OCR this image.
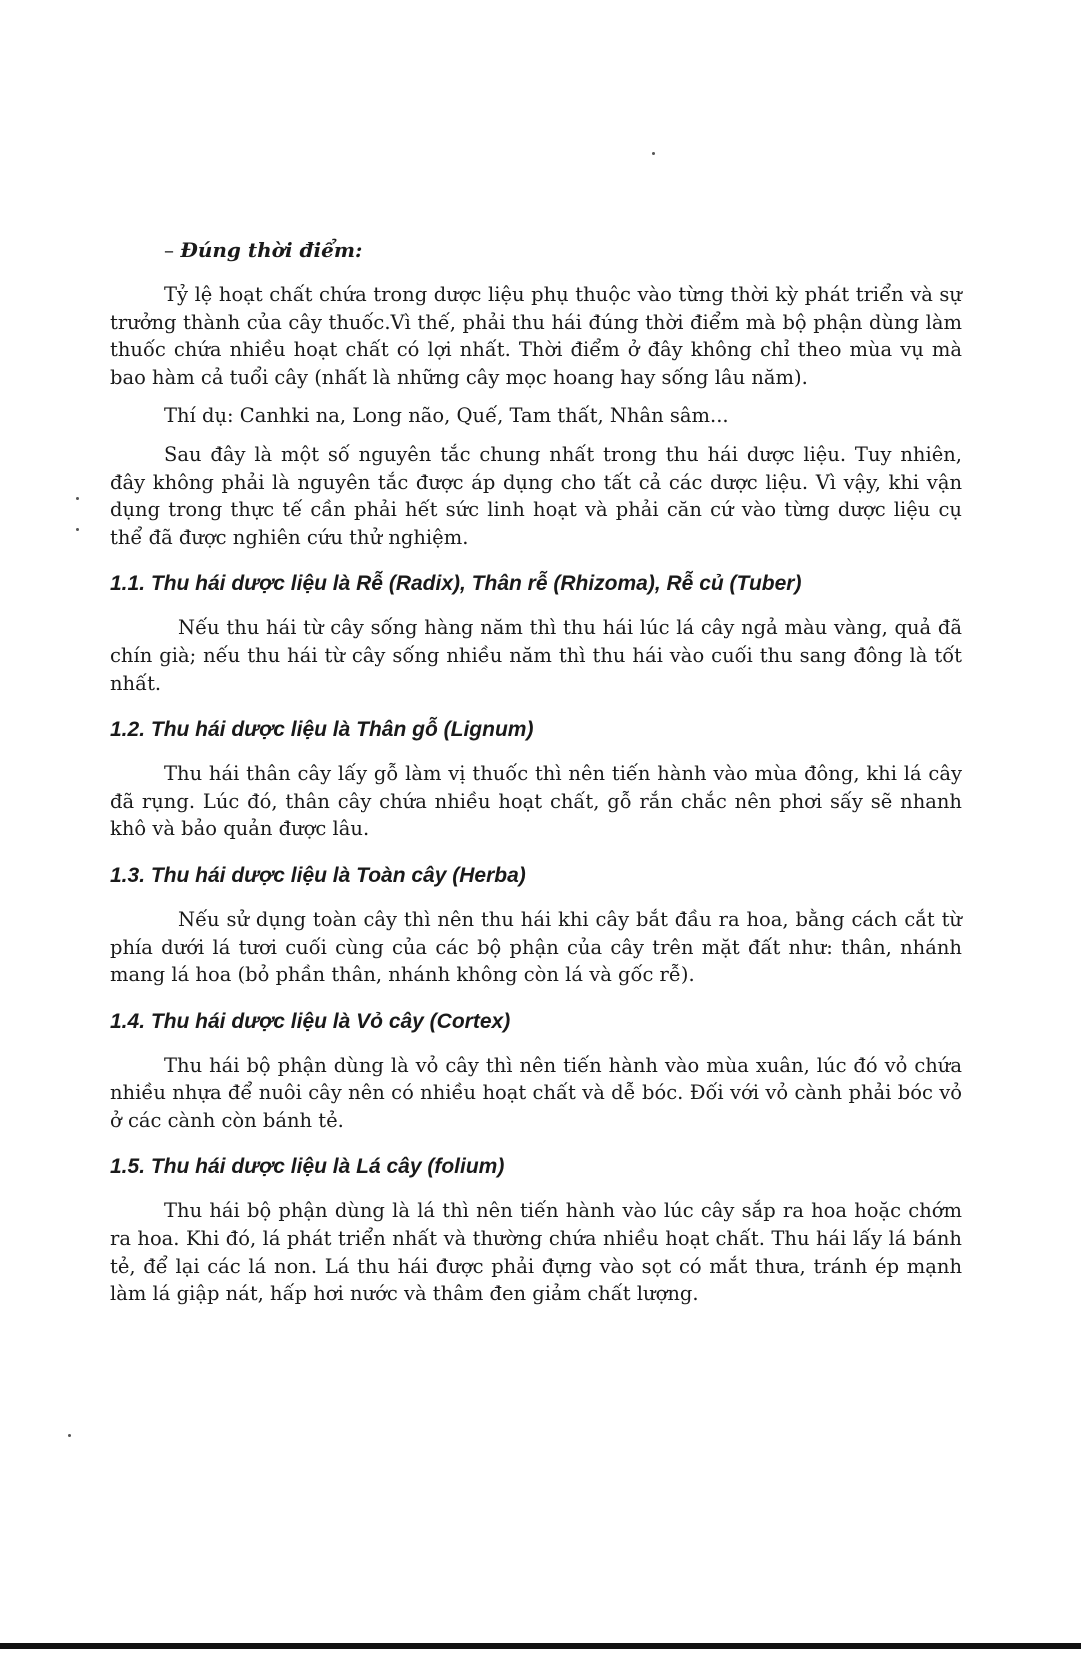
– Đúng thời điểm:

Tỷ lệ hoạt chất chứa trong dược liệu phụ thuộc vào từng thời kỳ phát triển và sự trưởng thành của cây thuốc.Vì thế, phải thu hái đúng thời điểm mà bộ phận dùng làm thuốc chứa nhiều hoạt chất có lợi nhất. Thời điểm ở đây không chỉ theo mùa vụ mà bao hàm cả tuổi cây (nhất là những cây mọc hoang hay sống lâu năm).

Thí dụ: Canhki na, Long não, Quế, Tam thất, Nhân sâm...

Sau đây là một số nguyên tắc chung nhất trong thu hái dược liệu. Tuy nhiên, đây không phải là nguyên tắc được áp dụng cho tất cả các dược liệu. Vì vậy, khi vận dụng trong thực tế cần phải hết sức linh hoạt và phải căn cứ vào từng dược liệu cụ thể đã được nghiên cứu thử nghiệm.

1.1. Thu hái dược liệu là Rễ (Radix), Thân rễ (Rhizoma), Rễ củ (Tuber)

Nếu thu hái từ cây sống hàng năm thì thu hái lúc lá cây ngả màu vàng, quả đã chín già; nếu thu hái từ cây sống nhiều năm thì thu hái vào cuối thu sang đông là tốt nhất.

1.2. Thu hái dược liệu là Thân gỗ (Lignum)

Thu hái thân cây lấy gỗ làm vị thuốc thì nên tiến hành vào mùa đông, khi lá cây đã rụng. Lúc đó, thân cây chứa nhiều hoạt chất, gỗ rắn chắc nên phơi sấy sẽ nhanh khô và bảo quản được lâu.

1.3. Thu hái dược liệu là Toàn cây (Herba)

Nếu sử dụng toàn cây thì nên thu hái khi cây bắt đầu ra hoa, bằng cách cắt từ phía dưới lá tươi cuối cùng của các bộ phận của cây trên mặt đất như: thân, nhánh mang lá hoa (bỏ phần thân, nhánh không còn lá và gốc rễ).

1.4. Thu hái dược liệu là Vỏ cây (Cortex)

Thu hái bộ phận dùng là vỏ cây thì nên tiến hành vào mùa xuân, lúc đó vỏ chứa nhiều nhựa để nuôi cây nên có nhiều hoạt chất và dễ bóc. Đối với vỏ cành phải bóc vỏ ở các cành còn bánh tẻ.

1.5. Thu hái dược liệu là Lá cây (folium)

Thu hái bộ phận dùng là lá thì nên tiến hành vào lúc cây sắp ra hoa hoặc chớm ra hoa. Khi đó, lá phát triển nhất và thường chứa nhiều hoạt chất. Thu hái lấy lá bánh tẻ, để lại các lá non. Lá thu hái được phải đựng vào sọt có mắt thưa, tránh ép mạnh làm lá giập nát, hấp hơi nước và thâm đen giảm chất lượng.
